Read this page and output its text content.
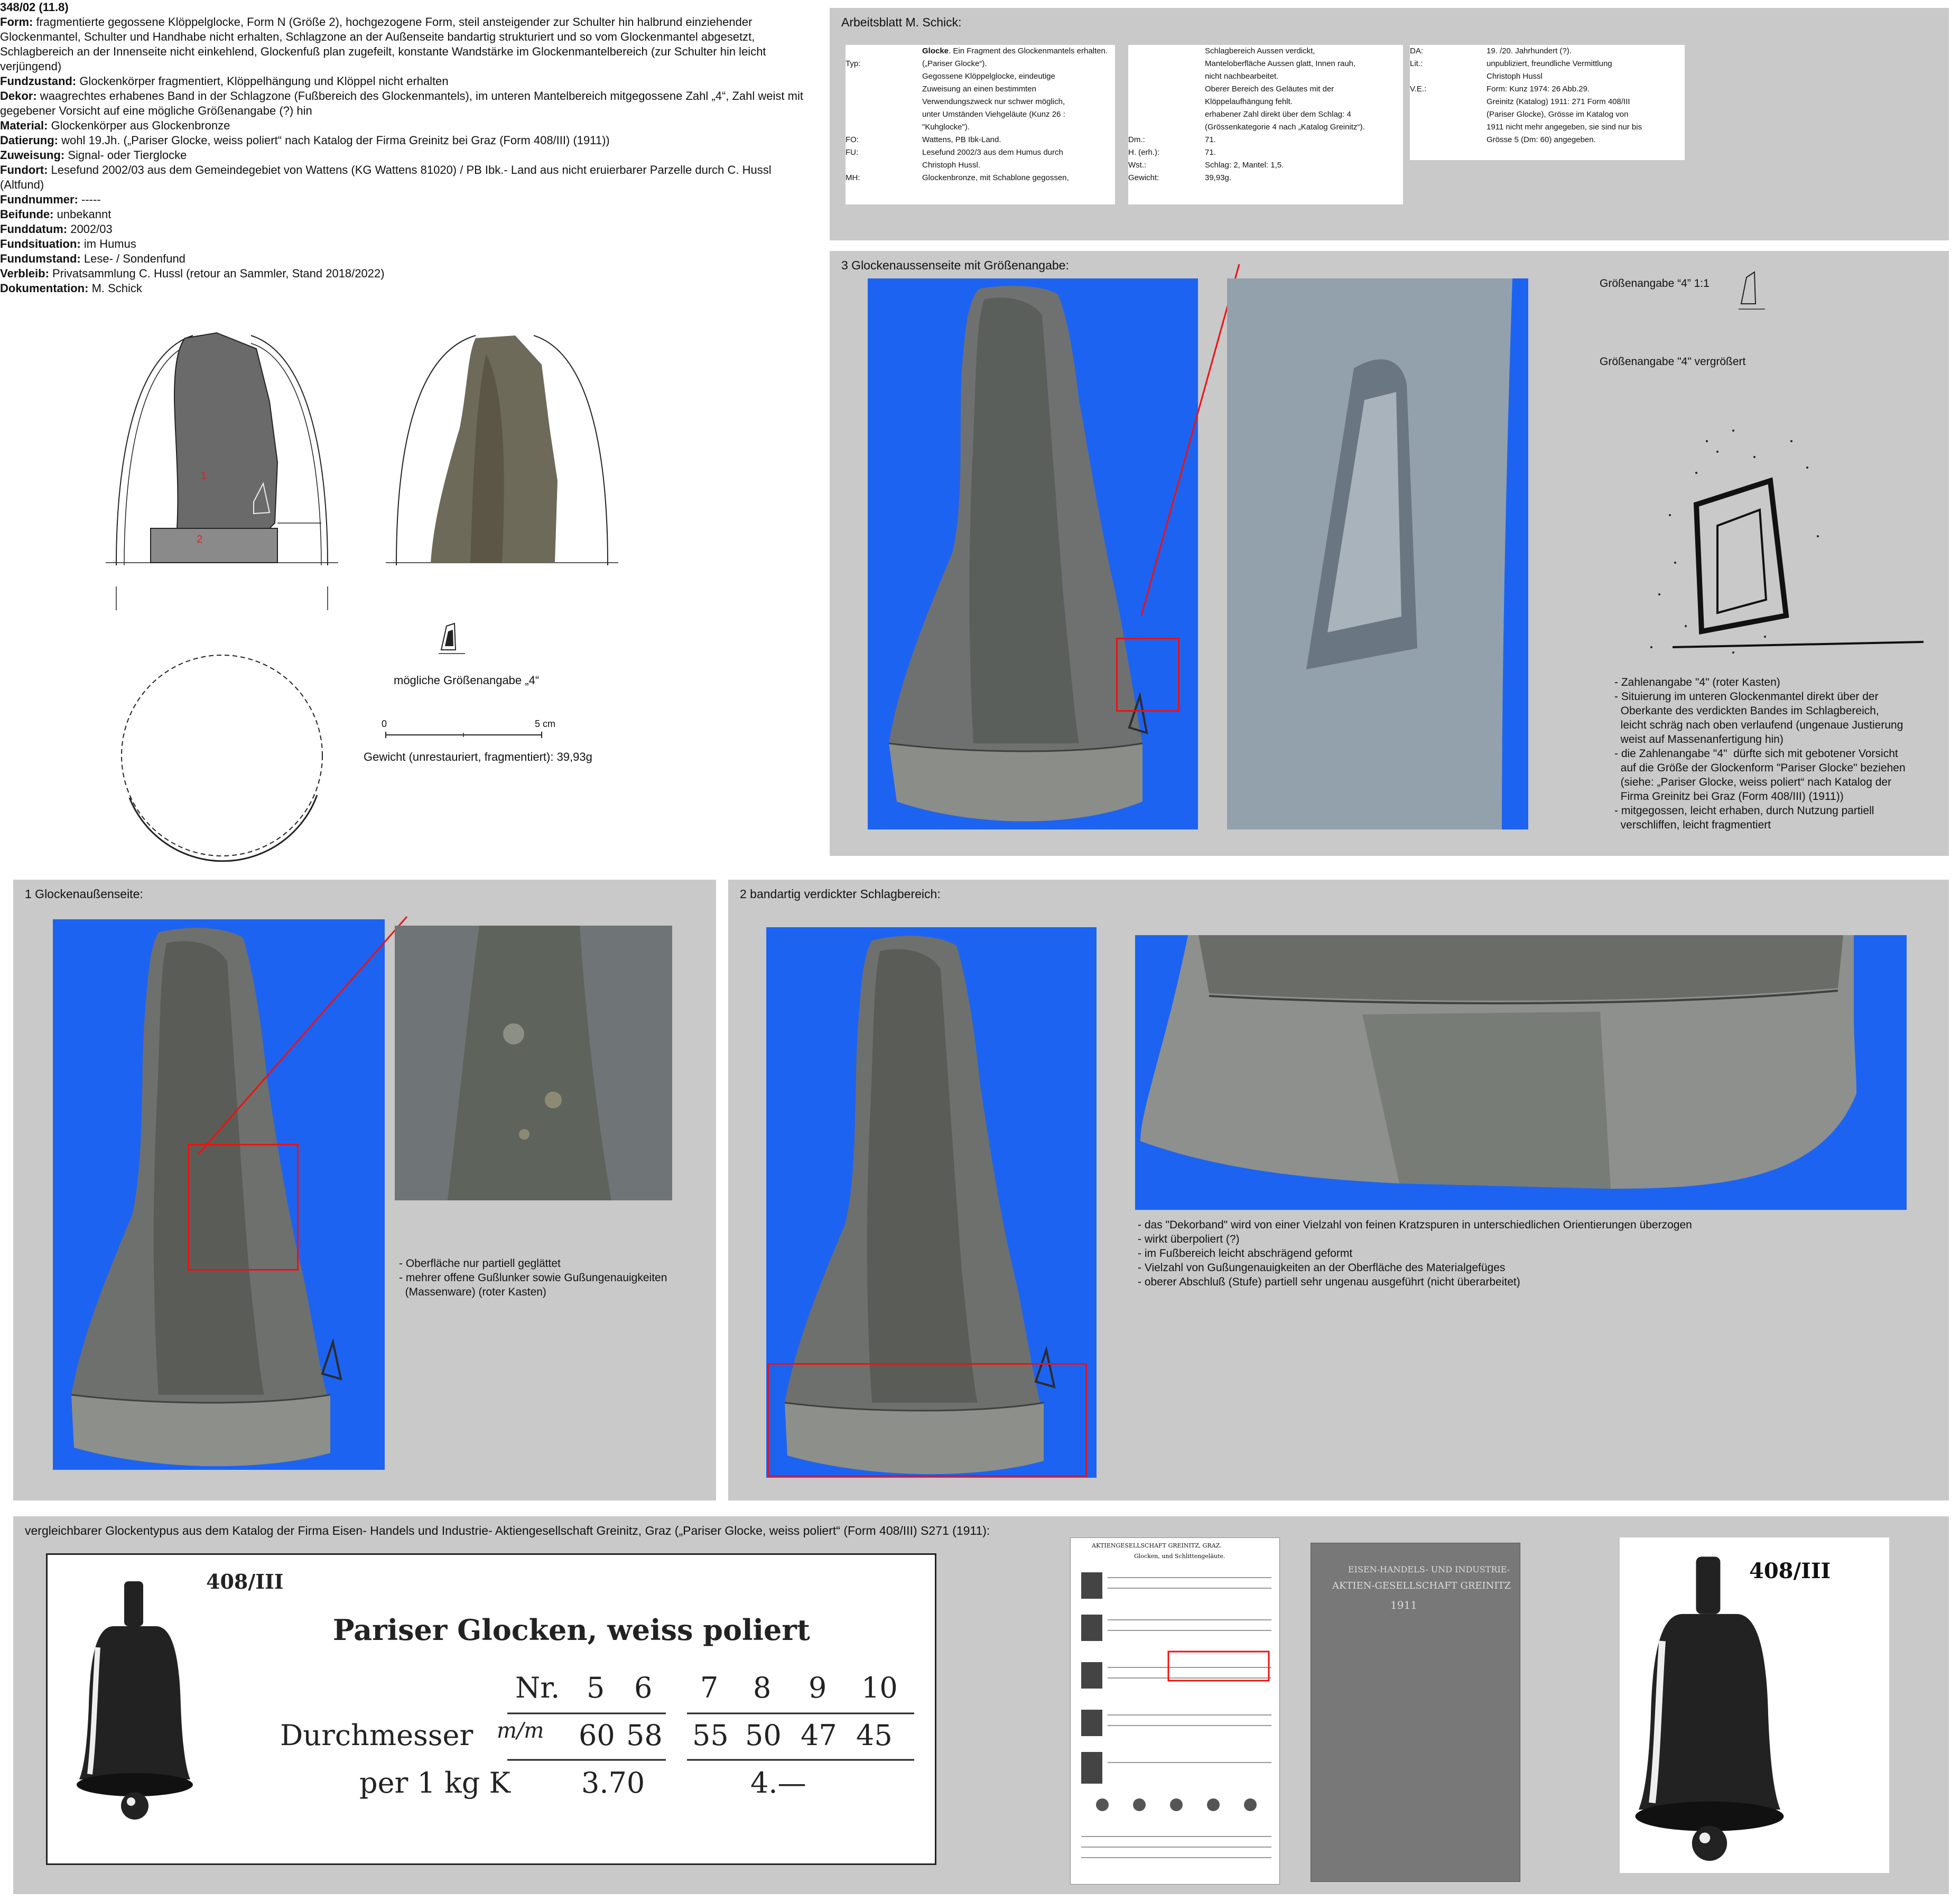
348/02 (11.8)

Form: fragmentierte gegossene Klöppelglocke, Form N (Größe 2), hochgezogene Form, steil ansteigender zur Schulter hin halbrund einziehender Glockenmantel, Schulter und Handhabe nicht erhalten, Schlagzone an der Außenseite bandartig strukturiert und so vom Glockenmantel abgesetzt, Schlagbereich an der Innenseite nicht einkehlend, Glockenfuß plan zugefeilt, konstante Wandstärke im Glockenmantelbereich (zur Schulter hin leicht verjüngend)

Fundzustand: Glockenkörper fragmentiert, Klöppelhängung und Klöppel nicht erhalten

Dekor: waagrechtes erhabenes Band in der Schlagzone (Fußbereich des Glockenmantels), im unteren Mantelbereich mitgegossene Zahl „4“, Zahl weist mit gegebener Vorsicht auf eine mögliche Größenangabe (?) hin

Material: Glockenkörper aus Glockenbronze

Datierung: wohl 19.Jh. („Pariser Glocke, weiss poliert“ nach Katalog der Firma Greinitz bei Graz (Form 408/III) (1911))

Zuweisung: Signal- oder Tierglocke

Fundort: Lesefund 2002/03 aus dem Gemeindegebiet von Wattens (KG Wattens 81020) / PB Ibk.- Land aus nicht eruierbarer Parzelle durch C. Hussl (Altfund)

Fundnummer: -----

Beifunde: unbekannt

Funddatum: 2002/03

Fundsituation: im Humus

Fundumstand: Lese- / Sondenfund

Verbleib: Privatsammlung C. Hussl (retour an Sammler, Stand 2018/2022)

Dokumentation: M. Schick

1
2
mögliche Größenangabe „4“
0	5 cm
Gewicht (unrestauriert, fragmentiert): 39,93g
Arbeitsblatt M. Schick:
Glocke. Ein Fragment des Glockenmantels erhalten.
Typ:	(„Pariser Glocke“).
Gegossene Klöppelglocke, eindeutige
Zuweisung an einen bestimmten
Verwendungszweck nur schwer möglich,
unter Umständen Viehgeläute (Kunz 26 :
"Kuhglocke").
FO:	Wattens, PB Ibk-Land.
FU:	Lesefund 2002/3 aus dem Humus durch
Christoph Hussl.
MH:	Glockenbronze, mit Schablone gegossen,
Schlagbereich Aussen verdickt,
Manteloberfläche Aussen glatt, Innen rauh,
nicht nachbearbeitet.
Oberer Bereich des Geläutes mit der
Klöppelaufhängung fehlt.
erhabener Zahl direkt über dem Schlag: 4
(Grössenkategorie 4 nach „Katalog Greinitz“).
Dm.:	71.
H. (erh.):	71.
Wst.:	Schlag: 2, Mantel: 1,5.
Gewicht:	39,93g.
DA:	19. /20. Jahrhundert (?).
Lit.:	unpubliziert, freundliche Vermittlung
Christoph Hussl
V.E.:	Form: Kunz 1974: 26 Abb.29.
Greinitz (Katalog) 1911: 271 Form 408/III
(Pariser Glocke), Grösse im Katalog von
1911 nicht mehr angegeben, sie sind nur bis
Grösse 5 (Dm: 60) angegeben.
3 Glockenaussenseite mit Größenangabe:
Größenangabe “4” 1:1
Größenangabe "4" vergrößert
- Zahlenangabe "4" (roter Kasten)
- Situierung im unteren Glockenmantel direkt über der
Oberkante des verdickten Bandes im Schlagbereich,
leicht schräg nach oben verlaufend (ungenaue Justierung
weist auf Massenanfertigung hin)
- die Zahlenangabe "4"  dürfte sich mit gebotener Vorsicht
auf die Größe der Glockenform "Pariser Glocke" beziehen
(siehe: „Pariser Glocke, weiss poliert“ nach Katalog der
Firma Greinitz bei Graz (Form 408/III) (1911))
- mitgegossen, leicht erhaben, durch Nutzung partiell
verschliffen, leicht fragmentiert
1 Glockenaußenseite:
- Oberfläche nur partiell geglättet
- mehrer offene Gußlunker sowie Gußungenauigkeiten
(Massenware) (roter Kasten)
2 bandartig verdickter Schlagbereich:
- das "Dekorband" wird von einer Vielzahl von feinen Kratzspuren in unterschiedlichen Orientierungen überzogen
- wirkt überpoliert (?)
- im Fußbereich leicht abschrägend geformt
- Vielzahl von Gußungenauigkeiten an der Oberfläche des Materialgefüges
- oberer Abschluß (Stufe) partiell sehr ungenau ausgeführt (nicht überarbeitet)
vergleichbarer Glockentypus aus dem Katalog der Firma Eisen- Handels und Industrie- Aktiengesellschaft Greinitz, Graz („Pariser Glocke, weiss poliert“ (Form 408/III) S271 (1911):
408/III
Pariser Glocken, weiss poliert
Nr. 5 6 7 8 9 10
Durchmesser m/m 60 58 55 50 47 45
per 1 kg K 3.70	4.—
AKTIENGESELLSCHAFT GREINITZ, GRAZ.
Glocken, und Schlittengeläute.
EISEN-HANDELS- UND INDUSTRIE-
AKTIEN-GESELLSCHAFT GREINITZ
1911
408/III
